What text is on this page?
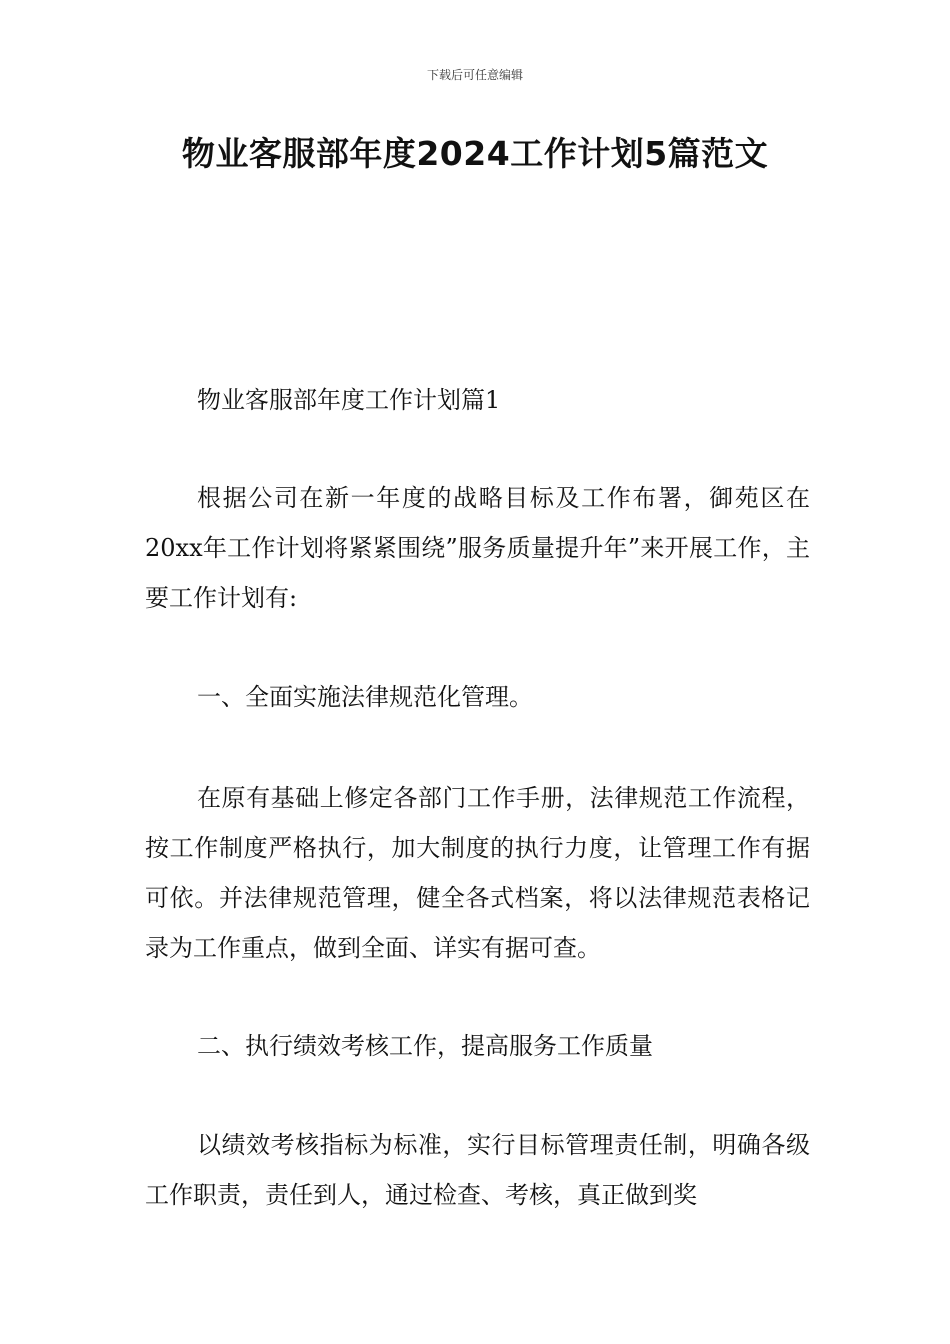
下载后可任意编辑
物业客服部年度2024工作计划5篇范文

物业客服部年度工作计划篇1

根据公司在新一年度的战略目标及工作布署，御苑区在20xx年工作计划将紧紧围绕”服务质量提升年”来开展工作，主要工作计划有:

一、全面实施法律规范化管理。

在原有基础上修定各部门工作手册，法律规范工作流程，按工作制度严格执行，加大制度的执行力度，让管理工作有据可依。并法律规范管理，健全各式档案，将以法律规范表格记录为工作重点，做到全面、详实有据可查。

二、执行绩效考核工作，提高服务工作质量

以绩效考核指标为标准，实行目标管理责任制，明确各级工作职责，责任到人，通过检查、考核，真正做到奖
